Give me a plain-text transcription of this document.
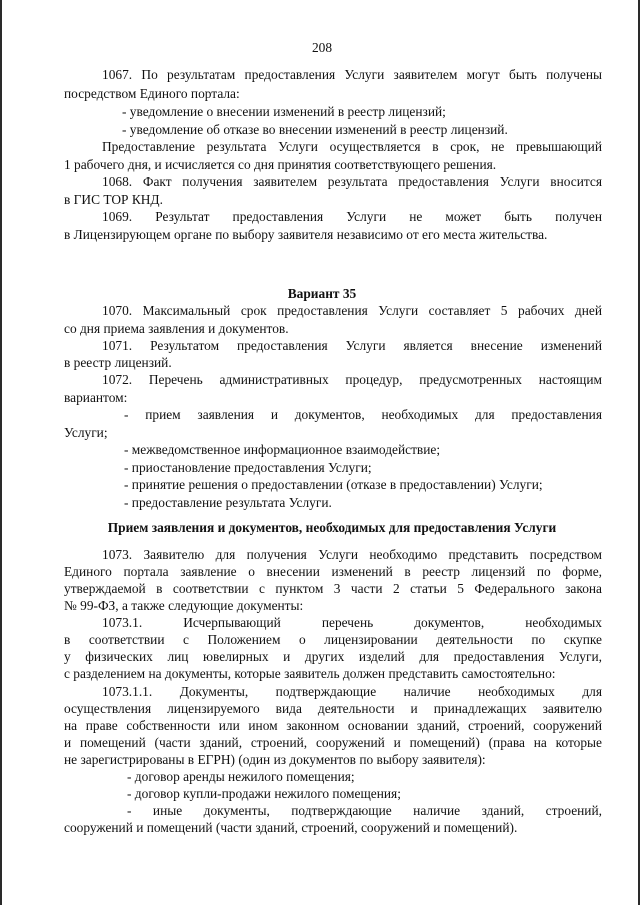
208
1067. По результатам предоставления Услуги заявителем могут быть получены
посредством Единого портала:
- уведомление о внесении изменений в реестр лицензий;
- уведомление об отказе во внесении изменений в реестр лицензий.
Предоставление результата Услуги осуществляется в срок, не превышающий
1 рабочего дня, и исчисляется со дня принятия соответствующего решения.
1068. Факт получения заявителем результата предоставления Услуги вносится
в ГИС ТОР КНД.
1069. Результат предоставления Услуги не может быть получен
в Лицензирующем органе по выбору заявителя независимо от его места жительства.
Вариант 35
1070. Максимальный срок предоставления Услуги составляет 5 рабочих дней
со дня приема заявления и документов.
1071. Результатом предоставления Услуги является внесение изменений
в реестр лицензий.
1072. Перечень административных процедур, предусмотренных настоящим
вариантом:
- прием заявления и документов, необходимых для предоставления
Услуги;
- межведомственное информационное взаимодействие;
- приостановление предоставления Услуги;
- принятие решения о предоставлении (отказе в предоставлении) Услуги;
- предоставление результата Услуги.
Прием заявления и документов, необходимых для предоставления Услуги
1073. Заявителю для получения Услуги необходимо представить посредством
Единого портала заявление о внесении изменений в реестр лицензий по форме,
утверждаемой в соответствии с пунктом 3 части 2 статьи 5 Федерального закона
№ 99-ФЗ, а также следующие документы:
1073.1. Исчерпывающий перечень документов, необходимых
в соответствии с Положением о лицензировании деятельности по скупке
у физических лиц ювелирных и других изделий для предоставления Услуги,
с разделением на документы, которые заявитель должен представить самостоятельно:
1073.1.1. Документы, подтверждающие наличие необходимых для
осуществления лицензируемого вида деятельности и принадлежащих заявителю
на праве собственности или ином законном основании зданий, строений, сооружений
и помещений (части зданий, строений, сооружений и помещений) (права на которые
не зарегистрированы в ЕГРН) (один из документов по выбору заявителя):
- договор аренды нежилого помещения;
- договор купли-продажи нежилого помещения;
- иные документы, подтверждающие наличие зданий, строений,
сооружений и помещений (части зданий, строений, сооружений и помещений).
